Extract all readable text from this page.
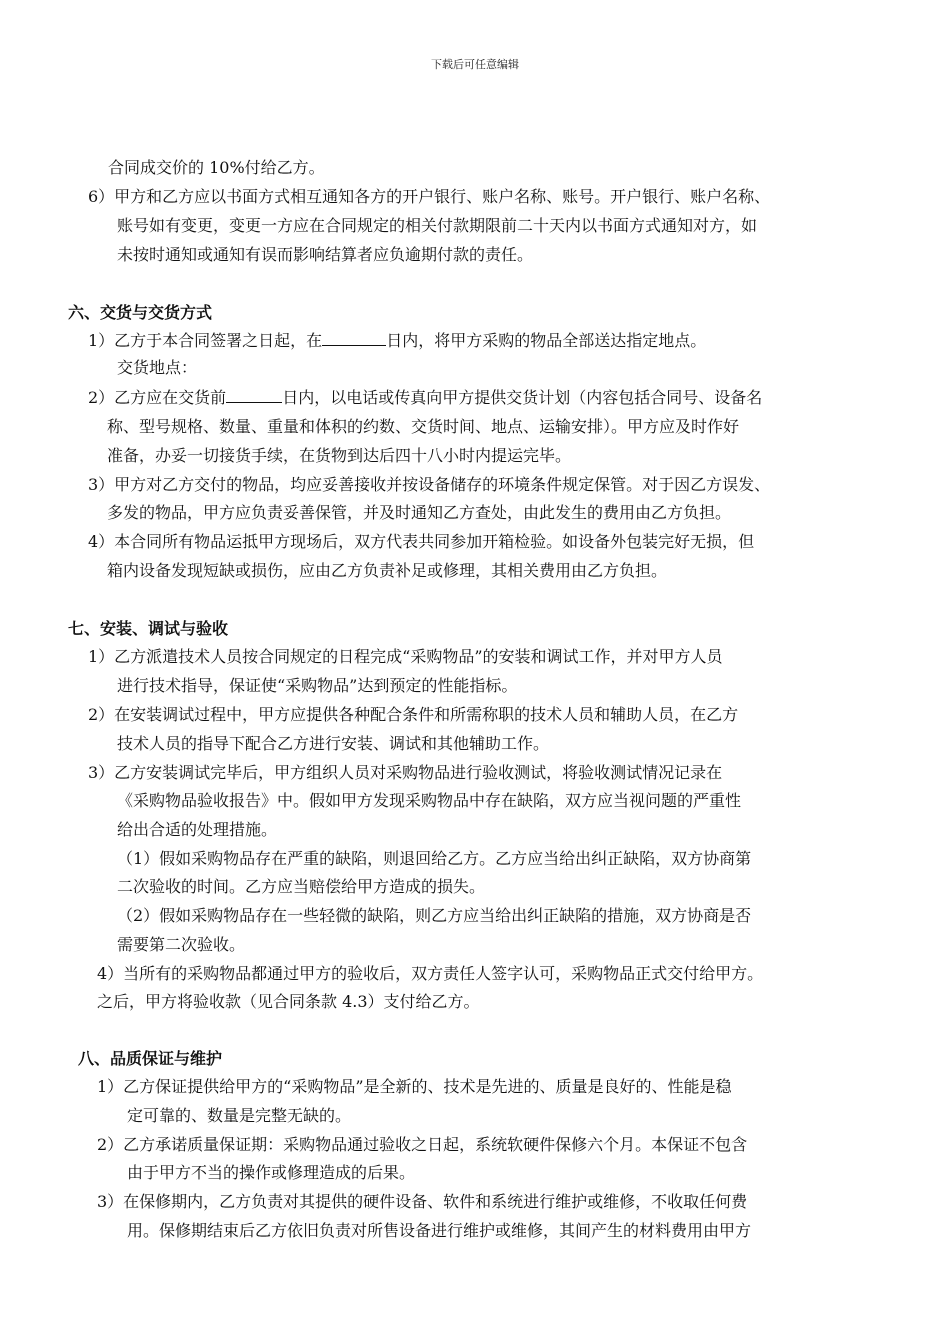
下载后可任意编辑
合同成交价的 10%付给乙方。
6）甲方和乙方应以书面方式相互通知各方的开户银行、账户名称、账号。开户银行、账户名称、
账号如有变更，变更一方应在合同规定的相关付款期限前二十天内以书面方式通知对方，如
未按时通知或通知有误而影响结算者应负逾期付款的责任。
六、交货与交货方式
1）乙方于本合同签署之日起，在	日内，将甲方采购的物品全部送达指定地点。
交货地点：
2）乙方应在交货前	日内，以电话或传真向甲方提供交货计划（内容包括合同号、设备名
称、型号规格、数量、重量和体积的约数、交货时间、地点、运输安排）。甲方应及时作好
准备，办妥一切接货手续，在货物到达后四十八小时内提运完毕。
3）甲方对乙方交付的物品，均应妥善接收并按设备储存的环境条件规定保管。对于因乙方误发、
多发的物品，甲方应负责妥善保管，并及时通知乙方查处，由此发生的费用由乙方负担。
4）本合同所有物品运抵甲方现场后，双方代表共同参加开箱检验。如设备外包装完好无损，但
箱内设备发现短缺或损伤，应由乙方负责补足或修理，其相关费用由乙方负担。
七、安装、调试与验收
1）乙方派遣技术人员按合同规定的日程完成“采购物品”的安装和调试工作，并对甲方人员
进行技术指导，保证使“采购物品”达到预定的性能指标。
2）在安装调试过程中，甲方应提供各种配合条件和所需称职的技术人员和辅助人员，在乙方
技术人员的指导下配合乙方进行安装、调试和其他辅助工作。
3）乙方安装调试完毕后，甲方组织人员对采购物品进行验收测试，将验收测试情况记录在
《采购物品验收报告》中。假如甲方发现采购物品中存在缺陷，双方应当视问题的严重性
给出合适的处理措施。
（1）假如采购物品存在严重的缺陷，则退回给乙方。乙方应当给出纠正缺陷，双方协商第
二次验收的时间。乙方应当赔偿给甲方造成的损失。
（2）假如采购物品存在一些轻微的缺陷，则乙方应当给出纠正缺陷的措施，双方协商是否
需要第二次验收。
4）当所有的采购物品都通过甲方的验收后，双方责任人签字认可，采购物品正式交付给甲方。
之后，甲方将验收款（见合同条款 4.3）支付给乙方。
八、品质保证与维护
1）乙方保证提供给甲方的“采购物品”是全新的、技术是先进的、质量是良好的、性能是稳
定可靠的、数量是完整无缺的。
2）乙方承诺质量保证期：采购物品通过验收之日起，系统软硬件保修六个月。本保证不包含
由于甲方不当的操作或修理造成的后果。
3）在保修期内，乙方负责对其提供的硬件设备、软件和系统进行维护或维修，不收取任何费
用。保修期结束后乙方依旧负责对所售设备进行维护或维修，其间产生的材料费用由甲方
